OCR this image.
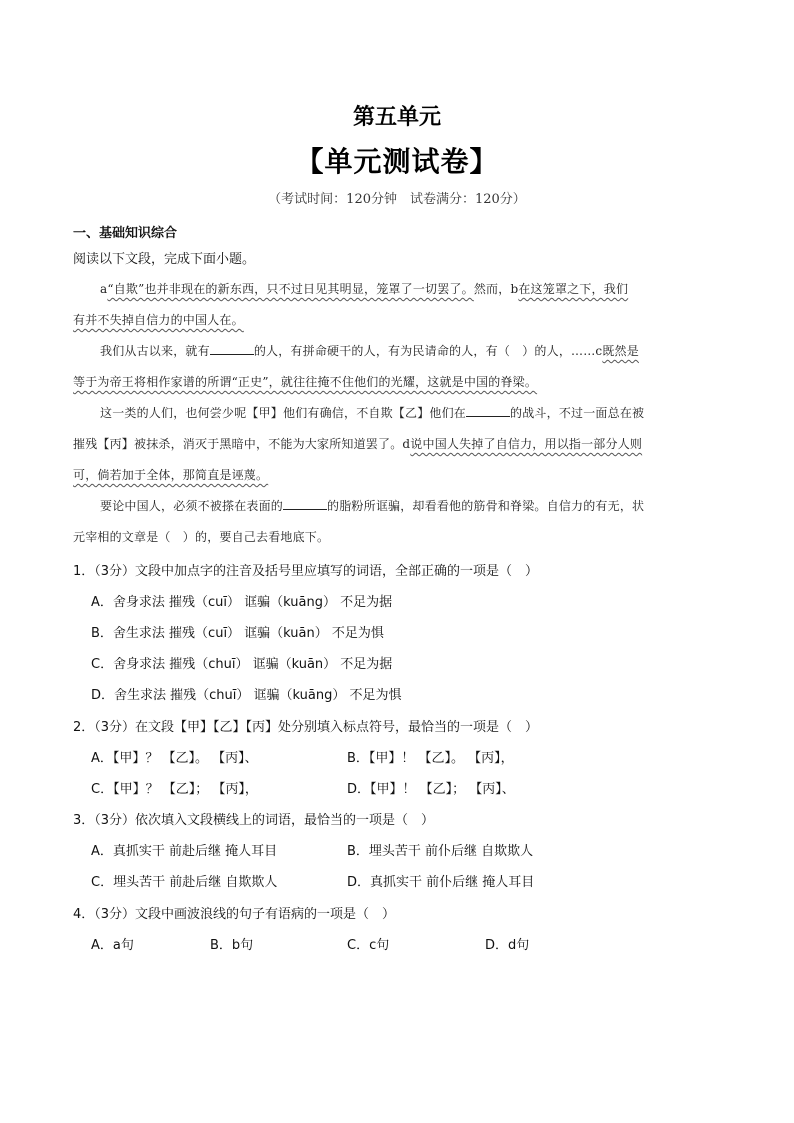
第五单元
【单元测试卷】
（考试时间：120分钟　试卷满分：120分）
一、基础知识综合
阅读以下文段，完成下面小题。
a“自欺”也并非现在的新东西，只不过日见其明显，笼罩了一切罢了。然而，b在这笼罩之下，我们
有并不失掉自信力的中国人在。
我们从古以来，就有	的人，有拼命硬干的人，有为民请命的人，有（　）的人，……c既然是
等于为帝王将相作家谱的所谓“正史”，就往往掩不住他们的光耀，这就是中国的脊梁。
这一类的人们，也何尝少呢【甲】他们有确信，不自欺【乙】他们在	的战斗，不过一面总在被
摧残【丙】被抹杀，消灭于黑暗中，不能为大家所知道罢了。d说中国人失掉了自信力，用以指一部分人则
可，倘若加于全体，那简直是诬蔑。
要论中国人，必须不被搽在表面的	的脂粉所诓骗，却看看他的筋骨和脊梁。自信力的有无，状
元宰相的文章是（　）的，要自己去看地底下。
1．（3分）文段中加点字的注音及括号里应填写的词语，全部正确的一项是（　）
A．舍身求法 摧残（cuī） 诓骗（kuāng） 不足为据
B．舍生求法 摧残（cuī） 诓骗（kuān） 不足为惧
C．舍身求法 摧残（chuī） 诓骗（kuān） 不足为据
D．舍生求法 摧残（chuī） 诓骗（kuāng） 不足为惧
2．（3分）在文段【甲】【乙】【丙】处分别填入标点符号，最恰当的一项是（　）
A．【甲】？ 【乙】。 【丙】、	B．【甲】！ 【乙】。 【丙】，
C．【甲】？ 【乙】； 【丙】，	D．【甲】！ 【乙】； 【丙】、
3．（3分）依次填入文段横线上的词语，最恰当的一项是（　）
A．真抓实干 前赴后继 掩人耳目	B．埋头苦干 前仆后继 自欺欺人
C．埋头苦干 前赴后继 自欺欺人	D．真抓实干 前仆后继 掩人耳目
4．（3分）文段中画波浪线的句子有语病的一项是（　）
A．a句	B．b句	C．c句	D．d句
